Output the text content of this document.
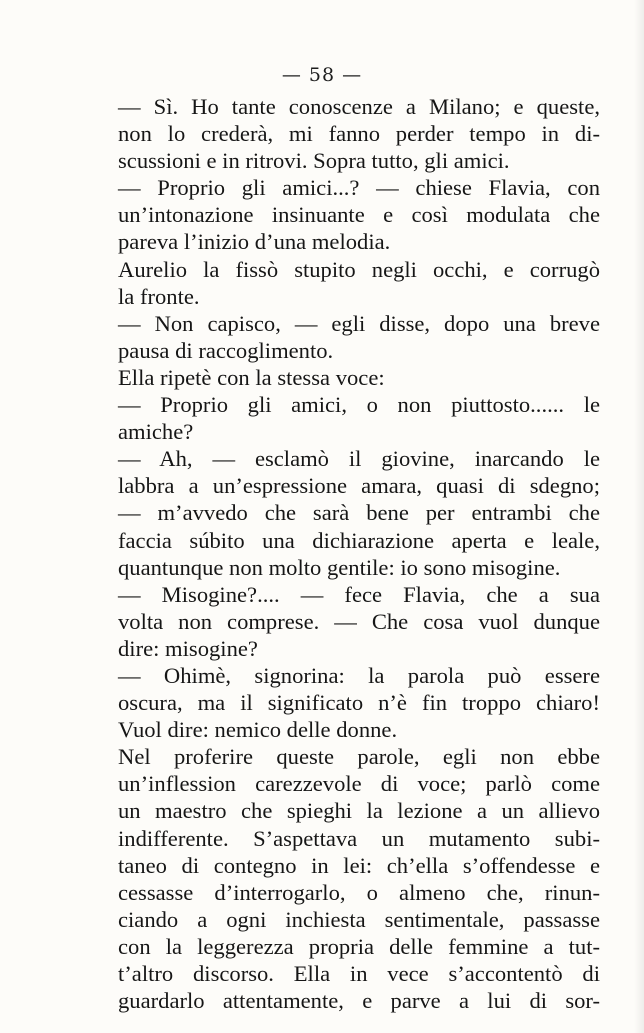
— 58 —
— Sì. Ho tante conoscenze a Milano; e queste,
non lo crederà, mi fanno perder tempo in di-
scussioni e in ritrovi. Sopra tutto, gli amici.
— Proprio gli amici...? — chiese Flavia, con
un’intonazione insinuante e così modulata che
pareva l’inizio d’una melodia.
Aurelio la fissò stupito negli occhi, e corrugò
la fronte.
— Non capisco, — egli disse, dopo una breve
pausa di raccoglimento.
Ella ripetè con la stessa voce:
— Proprio gli amici, o non piuttosto...... le
amiche?
— Ah, — esclamò il giovine, inarcando le
labbra a un’espressione amara, quasi di sdegno;
— m’avvedo che sarà bene per entrambi che
faccia súbito una dichiarazione aperta e leale,
quantunque non molto gentile: io sono misogine.
— Misogine?.... — fece Flavia, che a sua
volta non comprese. — Che cosa vuol dunque
dire: misogine?
— Ohimè, signorina: la parola può essere
oscura, ma il significato n’è fin troppo chiaro!
Vuol dire: nemico delle donne.
Nel proferire queste parole, egli non ebbe
un’inflession carezzevole di voce; parlò come
un maestro che spieghi la lezione a un allievo
indifferente. S’aspettava un mutamento subi-
taneo di contegno in lei: ch’ella s’offendesse e
cessasse d’interrogarlo, o almeno che, rinun-
ciando a ogni inchiesta sentimentale, passasse
con la leggerezza propria delle femmine a tut-
t’altro discorso. Ella in vece s’accontentò di
guardarlo attentamente, e parve a lui di sor-
